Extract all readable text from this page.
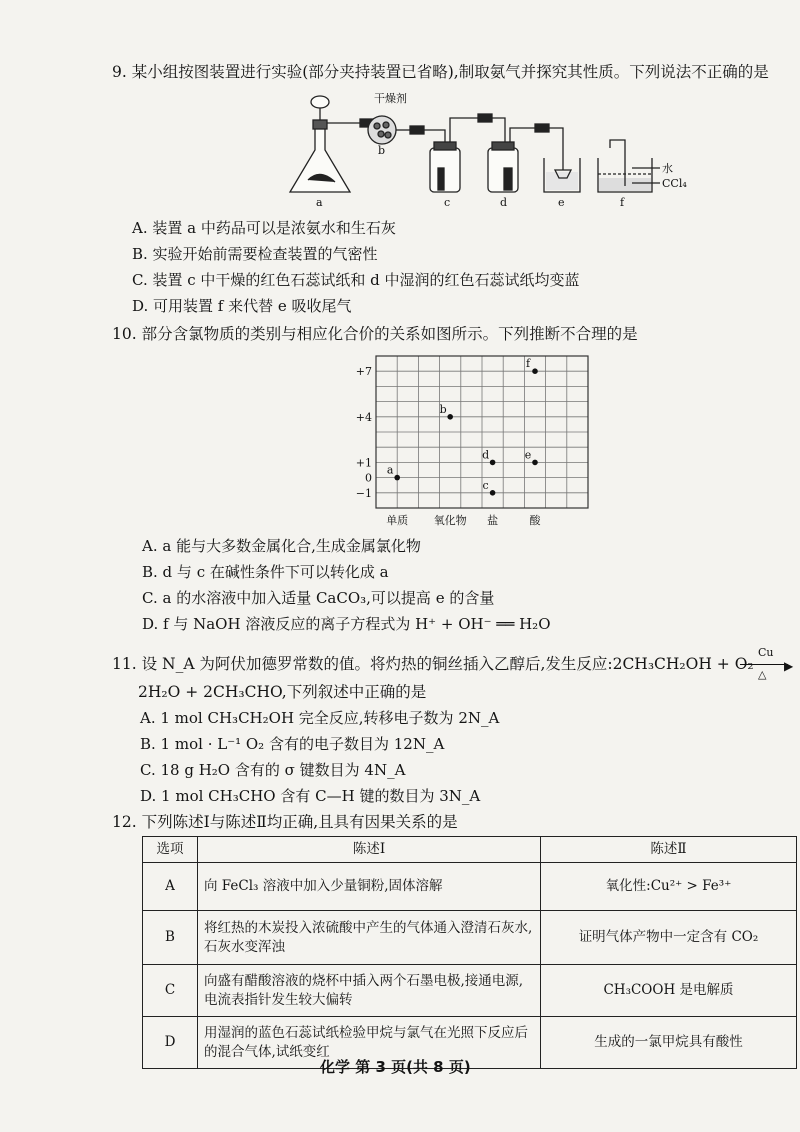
9. 某小组按图装置进行实验(部分夹持装置已省略),制取氨气并探究其性质。下列说法不正确的是
干燥剂
a
b
c	d	e	f
水
CCl₄
A. 装置 a 中药品可以是浓氨水和生石灰
B. 实验开始前需要检查装置的气密性
C. 装置 c 中干燥的红色石蕊试纸和 d 中湿润的红色石蕊试纸均变蓝
D. 可用装置 f 来代替 e 吸收尾气
10. 部分含氯物质的类别与相应化合价的关系如图所示。下列推断不合理的是
+7
+4
+1
0
−1
单质 氧化物 盐	酸
a
b
c
d	e
f
A. a 能与大多数金属化合,生成金属氯化物
B. d 与 c 在碱性条件下可以转化成 a
C. a 的水溶液中加入适量 CaCO₃,可以提高 e 的含量
D. f 与 NaOH 溶液反应的离子方程式为 H⁺ + OH⁻ ══ H₂O
11. 设 N_A 为阿伏加德罗常数的值。将灼热的铜丝插入乙醇后,发生反应:2CH₃CH₂OH + O₂
Cu
▶
△
2H₂O + 2CH₃CHO,下列叙述中正确的是
A. 1 mol CH₃CH₂OH 完全反应,转移电子数为 2N_A
B. 1 mol · L⁻¹ O₂ 含有的电子数目为 12N_A
C. 18 g H₂O 含有的 σ 键数目为 4N_A
D. 1 mol CH₃CHO 含有 C—H 键的数目为 3N_A
12. 下列陈述Ⅰ与陈述Ⅱ均正确,且具有因果关系的是
选项	陈述Ⅰ	陈述Ⅱ
A	向 FeCl₃ 溶液中加入少量铜粉,固体溶解	氧化性:Cu²⁺ > Fe³⁺
B	将红热的木炭投入浓硫酸中产生的气体通入澄清石灰水,石灰水变浑浊	证明气体产物中一定含有 CO₂
C	向盛有醋酸溶液的烧杯中插入两个石墨电极,接通电源,电流表指针发生较大偏转	CH₃COOH 是电解质
D	用湿润的蓝色石蕊试纸检验甲烷与氯气在光照下反应后的混合气体,试纸变红	生成的一氯甲烷具有酸性
化学 第 3 页(共 8 页)
